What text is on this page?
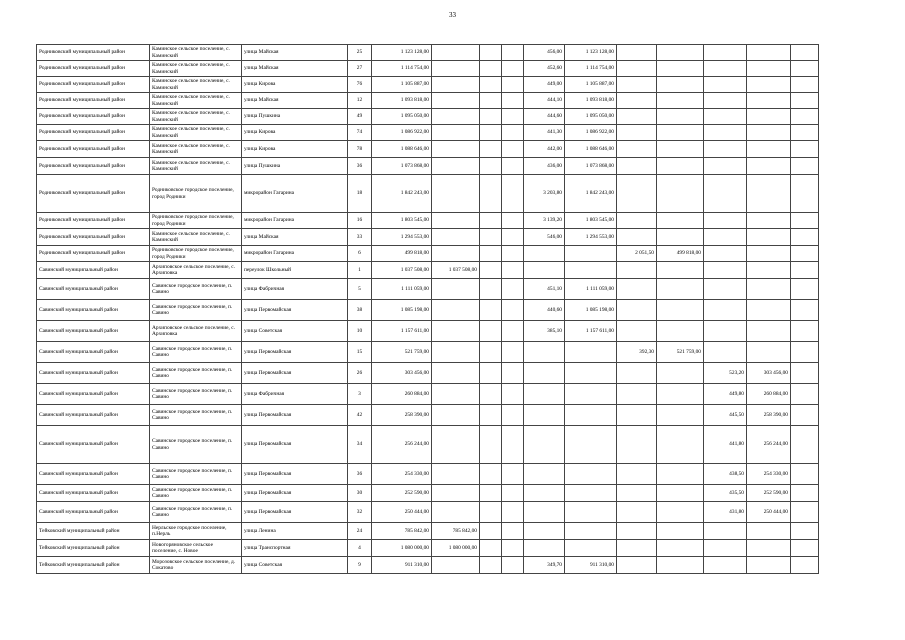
33
Родниковский муниципальный район	Каминское сельское поселение, с. Каминский	улица Майская	25	1 123 128,00				456,00	1 123 128,00					
Родниковский муниципальный район	Каминское сельское поселение, с. Каминский	улица Майская	27	1 114 754,00				452,60	1 114 754,00					
Родниковский муниципальный район	Каминское сельское поселение, с. Каминский	улица Кирова	76	1 105 887,00				449,00	1 105 887,00					
Родниковский муниципальный район	Каминское сельское поселение, с. Каминский	улица Майская	12	1 093 818,00				444,10	1 093 818,00					
Родниковский муниципальный район	Каминское сельское поселение, с. Каминский	улица Пушкина	49	1 095 050,00				444,60	1 095 050,00					
Родниковский муниципальный район	Каминское сельское поселение, с. Каминский	улица Кирова	74	1 086 922,00				441,30	1 086 922,00					
Родниковский муниципальный район	Каминское сельское поселение, с. Каминский	улица Кирова	78	1 088 646,00				442,00	1 088 646,00					
Родниковский муниципальный район	Каминское сельское поселение, с. Каминский	улица Пушкина	36	1 073 868,00				436,00	1 073 868,00					
Родниковский муниципальный район	Родниковское городское поселение, город Родники	микрорайон Гагарина	18	1 842 243,00				3 203,80	1 842 243,00					
Родниковский муниципальный район	Родниковское городское поселение, город Родники	микрорайон Гагарина	16	1 803 545,00				3 139,20	1 803 545,00					
Родниковский муниципальный район	Каминское сельское поселение, с. Каминский	улица Майская	33	1 294 553,00				546,00	1 294 553,00					
Родниковский муниципальный район	Родниковское городское поселение, город Родники	микрорайон Гагарина	6	499 818,00						2 051,50	499 818,00			
Савинский муниципальный район	Архиповское сельское поселение, с. Архиповка	переулок Школьный	1	1 037 508,00	1 037 508,00									
Савинский муниципальный район	Савинское городское поселение, п. Савино	улица Фабричная	5	1 111 059,00				451,10	1 111 059,00					
Савинский муниципальный район	Савинское городское поселение, п. Савино	улица Первомайская	38	1 085 198,00				440,60	1 085 198,00					
Савинский муниципальный район	Архиповское сельское поселение, с. Архиповка	улица Советская	10	1 157 611,00				385,10	1 157 611,00					
Савинский муниципальный район	Савинское городское поселение, п. Савино	улица Первомайская	15	521 759,00						392,30	521 759,00			
Савинский муниципальный район	Савинское городское поселение, п. Савино	улица Первомайская	26	303 456,00								523,20	303 456,00	
Савинский муниципальный район	Савинское городское поселение, п. Савино	улица Фабричная	3	260 884,00								449,80	260 884,00	
Савинский муниципальный район	Савинское городское поселение, п. Савино	улица Первомайская	42	258 390,00								445,50	258 390,00	
Савинский муниципальный район	Савинское городское поселение, п. Савино	улица Первомайская	34	256 244,00								441,80	256 244,00	
Савинский муниципальный район	Савинское городское поселение, п. Савино	улица Первомайская	36	254 330,00								438,50	254 330,00	
Савинский муниципальный район	Савинское городское поселение, п. Савино	улица Первомайская	30	252 590,00								435,50	252 590,00	
Савинский муниципальный район	Савинское городское поселение, п. Савино	улица Первомайская	32	250 444,00								431,80	250 444,00	
Тейковский муниципальный район	Нерльское городское поселение, п.Нерль	улица Ленина	24	785 842,00	785 842,00									
Тейковский муниципальный район	Новогоряновское сельское поселение, с. Новое	улица Транспортная	4	1 080 000,00	1 080 000,00									
Тейковский муниципальный район	Морозовское сельское поселение, д. Сокатово	улица Советская	9	911 310,00				349,70	911 310,00					
